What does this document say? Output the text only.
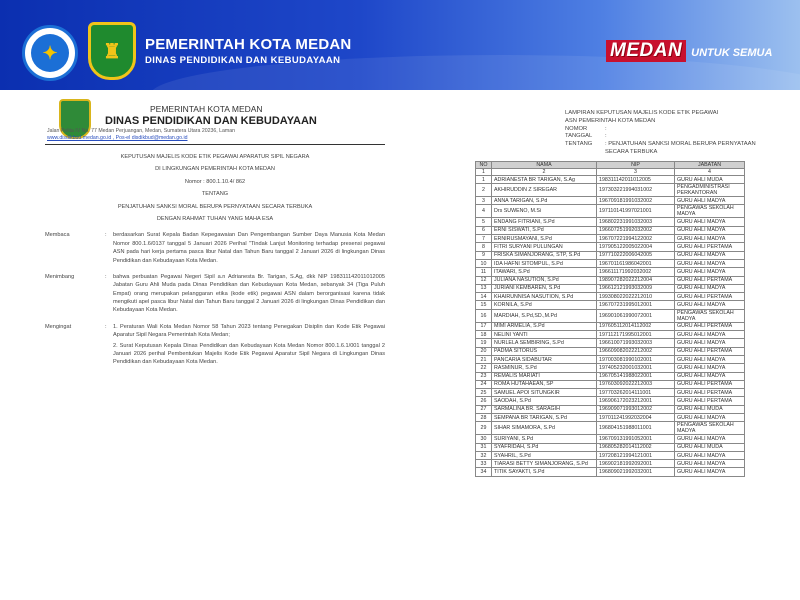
✦	♜	PEMERINTAH KOTA MEDAN
DINAS PENDIDIKAN DAN KEBUDAYAAN	MEDAN UNTUK SEMUA
PEMERINTAH KOTA MEDAN
DINAS PENDIDIKAN DAN KEBUDAYAAN
Jalan Pelita IV No. 77 Medan Perjuangan, Medan, Sumatera Utara 20236, Laman
www.disdikbud.medan.go.id , Pos-el disdikbud@medan.go.id
KEPUTUSAN MAJELIS KODE ETIK PEGAWAI APARATUR SIPIL NEGARA
DI LINGKUNGAN PEMERINTAH KOTA MEDAN
Nomor : 800.1.10.4/ 862
TENTANG
PENJATUHAN SANKSI MORAL BERUPA PERNYATAAN SECARA TERBUKA
DENGAN RAHMAT TUHAN YANG MAHA ESA
Membaca	:	berdasarkan Surat Kepala Badan Kepegawaian Dan Pengembangan Sumber Daya Manusia Kota Medan Nomor 800.1.6/0137 tanggal 5 Januari 2026 Perihal "Tindak Lanjut Monitoring terhadap presensi pegawai ASN pada hari kerja pertama pasca libur Natal dan Tahun Baru tanggal 2 Januari 2026 di lingkungan Dinas Pendidikan dan Kebudayaan Kota Medan.
Menimbang	:	bahwa perbuatan Pegawai Negeri Sipil a.n Adrianesta Br. Tarigan, S.Ag, dkk NIP 198311142011012005 Jabatan Guru Ahli Muda pada Dinas Pendidikan dan Kebudayaan Kota Medan, sebanyak 34 (Tiga Puluh Empat) orang merupakan pelanggaran etika (kode etik) pegawai ASN dalam berorganisasi karena tidak mengikuti apel pasca libur Natal dan Tahun Baru tanggal 2 Januari 2026 di lingkungan Dinas Pendidikan dan Kebudayaan Kota Medan.
Mengingat	:	1. Peraturan Wali Kota Medan Nomor 58 Tahun 2023 tentang Penegakan Disiplin dan Kode Etik Pegawai Aparatur Sipil Negara Pemerintah Kota Medan;

2. Surat Keputusan Kepala Dinas Pendidikan dan Kebudayaan Kota Medan Nomor 800.1.6.1/001 tanggal 2 Januari 2026 perihal Pembentukan Majelis Kode Etik Pegawai Aparatur Sipil Negara di Lingkungan Dinas Pendidikan dan Kebudayaan Kota Medan.

LAMPIRAN KEPUTUSAN MAJELIS KODE ETIK PEGAWAI
ASN PEMERINTAH KOTA MEDAN
NOMOR	:
TANGGAL	:
TENTANG	: PENJATUHAN SANKSI MORAL BERUPA PERNYATAAN SECARA TERBUKA
NO	NAMA	NIP	JABATAN
1	2	3	4
1	ADRIANESTA BR TARIGAN, S.Ag	198311142011012005	GURU AHLI MUDA
2	AKHIRUDDIN Z SIREGAR	197303221994031002	PENGADMINISTRASI PERKANTORAN
3	ANNA TARIGAN, S.Pd	196709181991032002	GURU AHLI MADYA
4	Drs SUWENO, M.Si	197110141997021001	PENGAWAS SEKOLAH MADYA
5	ENDANG FITRIANI, S.Pd	196802231991032003	GURU AHLI MADYA
6	ERNI SISWATI, S.Pd	196607251992032002	GURU AHLI MADYA
7	ERNIRUSMAYANI, S.Pd	196707221994122002	GURU AHLI MADYA
8	FITRI SURYANI PULUNGAN	197905122005022004	GURU AHLI PERTAMA
9	FRISKA SIMANJORANG, STP, S.Pd	197710222006042005	GURU AHLI MADYA
10	IDA HAFNI SITOMPUL, S.Pd	196701161986042001	GURU AHLI MADYA
11	ITAWARI, S.Pd	196611171992032002	GURU AHLI MADYA
12	JULIANA NASUTION, S.Pd	198907282022212004	GURU AHLI PERTAMA
13	JURIANI KEMBAREN, S.Pd	196612121993032009	GURU AHLI MADYA
14	KHAIRUNNISA NASUTION, S.Pd	199308022022212010	GURU AHLI PERTAMA
15	KORNILA, S.Pd	196707231995012001	GURU AHLI MADYA
16	MARDIAH, S.Pd,SD.,M.Pd	196901061990072001	PENGAWAS SEKOLAH MADYA
17	MIMI ARMELIA, S.Pd	197605112014112002	GURU AHLI PERTAMA
18	NELINI YANTI	197112171995012001	GURU AHLI MADYA
19	NURLELA SEMBIRING, S.Pd	196610071993032003	GURU AHLI MADYA
20	PADMA SITORUS	196609082022212002	GURU AHLI PERTAMA
21	PANCARIA SIDABUTAR	197003081990102001	GURU AHLI MADYA
22	RASMINUR, S.Pd	197405232001032001	GURU AHLI MADYA
23	REMALIS MARIATI	196705141988022001	GURU AHLI MADYA
24	ROMA HUTAHAEAN, SP	197603092022212003	GURU AHLI PERTAMA
25	SAMUEL APOI SITUNGKIR	197703262014111001	GURU AHLI PERTAMA
26	SAODAH, S.Pd	196906172023212001	GURU AHLI PERTAMA
27	SARMALINA BR. SARAGIH	196909071993012002	GURU AHLI MUDA
28	SEMPANA BR TARIGAN, S.Pd	197011241992032004	GURU AHLI MADYA
29	SIHAR SIMAMORA, S.Pd	196804151988011001	PENGAWAS SEKOLAH MADYA
30	SURIYANI, S.Pd	196709131991052001	GURU AHLI MADYA
31	SYAFRIDAH, S.Pd	196805282014112002	GURU AHLI MUDA
32	SYAHRIL, S.Pd	197208121994121001	GURU AHLI MADYA
33	TIARASI BETTY SIMANJORANG, S.Pd	196902181992092001	GURU AHLI MADYA
34	TITIK SAYAKTI, S.Pd	196809021992032001	GURU AHLI MADYA
